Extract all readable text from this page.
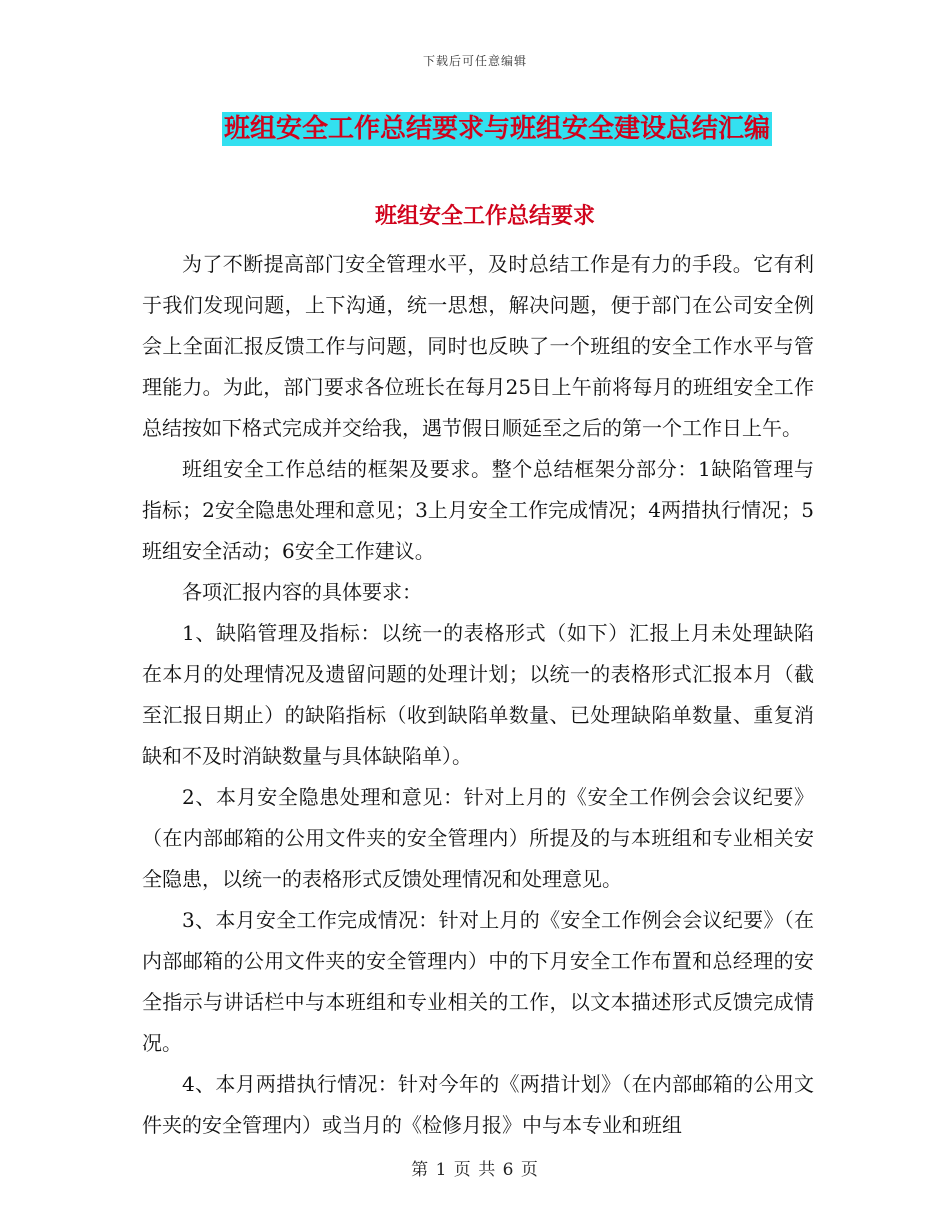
下载后可任意编辑
班组安全工作总结要求与班组安全建设总结汇编
班组安全工作总结要求

为了不断提高部门安全管理水平，及时总结工作是有力的手段。它有利于我们发现问题，上下沟通，统一思想，解决问题，便于部门在公司安全例会上全面汇报反馈工作与问题，同时也反映了一个班组的安全工作水平与管理能力。为此，部门要求各位班长在每月25日上午前将每月的班组安全工作总结按如下格式完成并交给我，遇节假日顺延至之后的第一个工作日上午。

班组安全工作总结的框架及要求。整个总结框架分部分：1缺陷管理与指标；2安全隐患处理和意见；3上月安全工作完成情况；4两措执行情况；5班组安全活动；6安全工作建议。

各项汇报内容的具体要求：

1、缺陷管理及指标：以统一的表格形式（如下）汇报上月未处理缺陷在本月的处理情况及遗留问题的处理计划；以统一的表格形式汇报本月（截至汇报日期止）的缺陷指标（收到缺陷单数量、已处理缺陷单数量、重复消缺和不及时消缺数量与具体缺陷单）。

2、本月安全隐患处理和意见：针对上月的《安全工作例会会议纪要》（在内部邮箱的公用文件夹的安全管理内）所提及的与本班组和专业相关安全隐患，以统一的表格形式反馈处理情况和处理意见。

3、本月安全工作完成情况：针对上月的《安全工作例会会议纪要》（在内部邮箱的公用文件夹的安全管理内）中的下月安全工作布置和总经理的安全指示与讲话栏中与本班组和专业相关的工作，以文本描述形式反馈完成情况。

4、本月两措执行情况：针对今年的《两措计划》（在内部邮箱的公用文件夹的安全管理内）或当月的《检修月报》中与本专业和班组

第 1 页 共 6 页
